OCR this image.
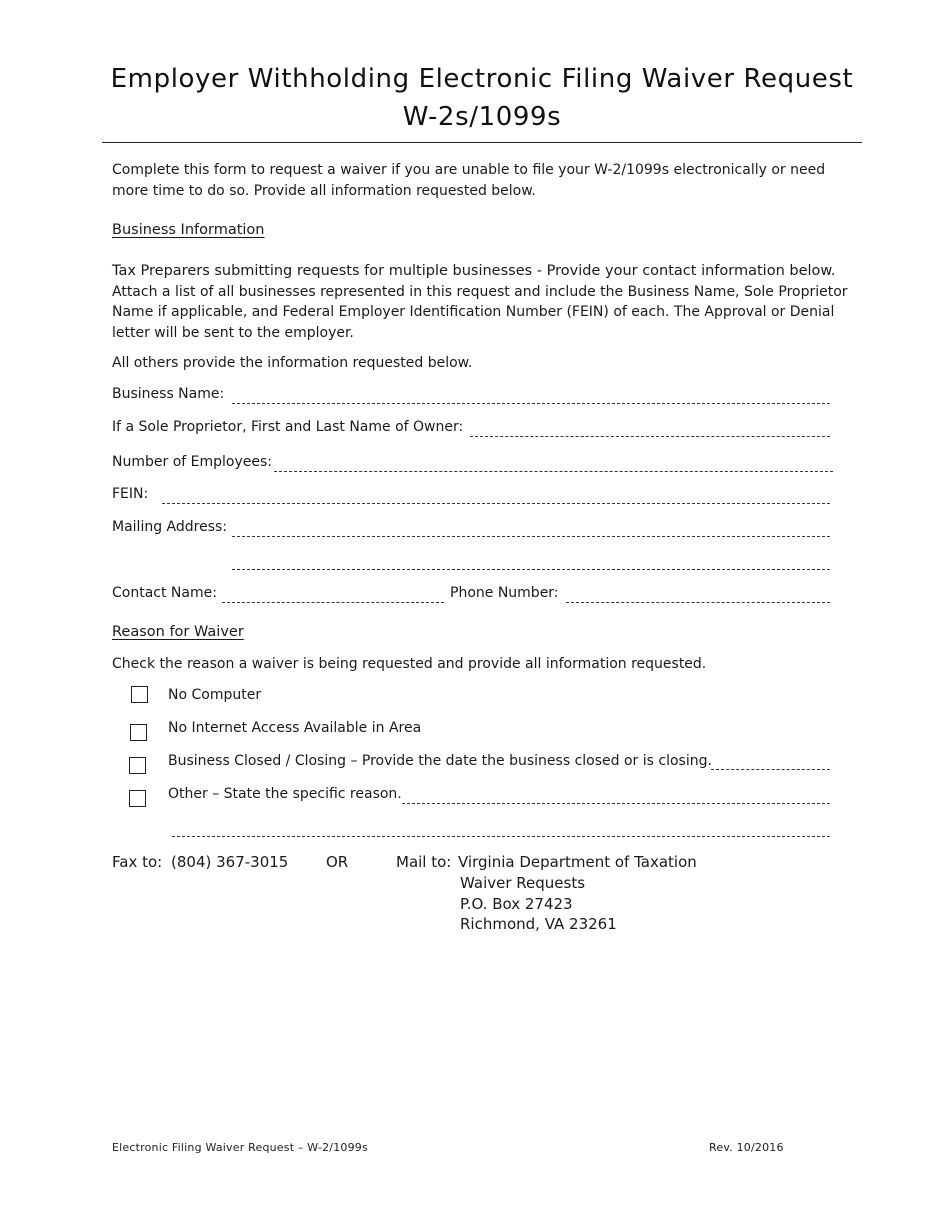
Employer Withholding Electronic Filing Waiver Request
W-2s/1099s
Complete this form to request a waiver if you are unable to file your W-2/1099s electronically or need
more time to do so. Provide all information requested below.
Business Information
Tax Preparers submitting requests for multiple businesses - Provide your contact information below.
Attach a list of all businesses represented in this request and include the Business Name, Sole Proprietor
Name if applicable, and Federal Employer Identification Number (FEIN) of each. The Approval or Denial
letter will be sent to the employer.
All others provide the information requested below.
Business Name:
If a Sole Proprietor, First and Last Name of Owner:
Number of Employees:
FEIN:
Mailing Address:
Contact Name:	Phone Number:
Reason for Waiver
Check the reason a waiver is being requested and provide all information requested.
No Computer
No Internet Access Available in Area
Business Closed / Closing – Provide the date the business closed or is closing.
Other – State the specific reason.
Fax to: (804) 367-3015	OR	Mail to: Virginia Department of Taxation
Waiver Requests
P.O. Box 27423
Richmond, VA 23261
Electronic Filing Waiver Request – W-2/1099s	Rev. 10/2016
